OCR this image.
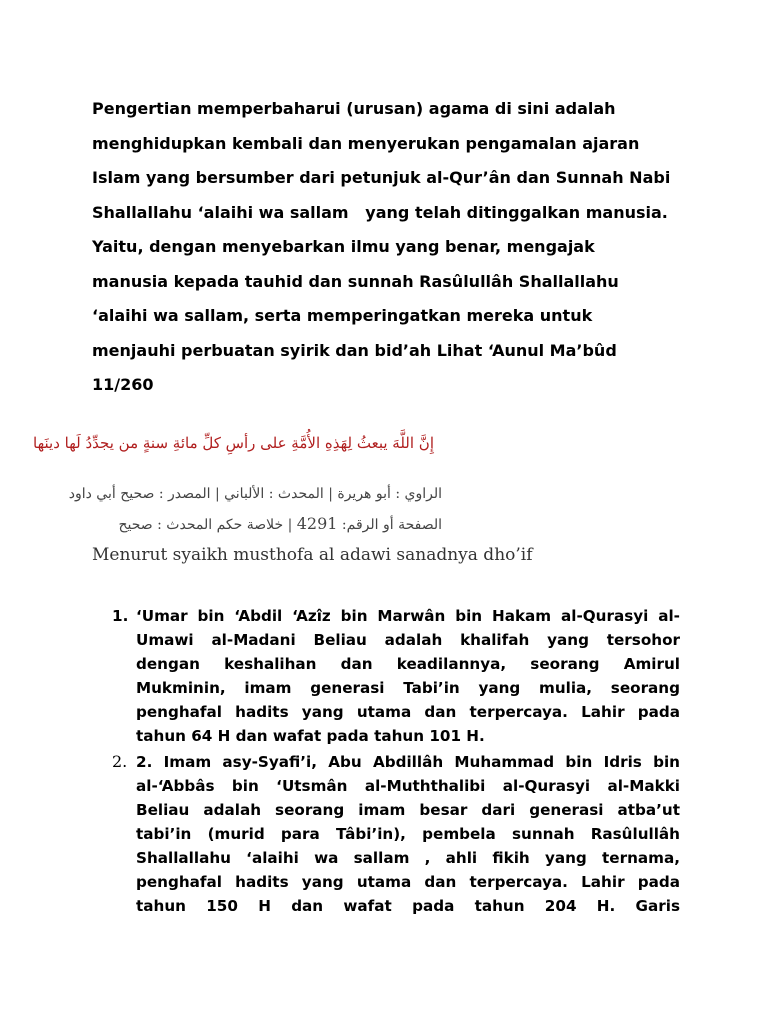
Pengertian memperbaharui (urusan) agama di sini adalah
menghidupkan kembali dan menyerukan pengamalan ajaran
Islam yang bersumber dari petunjuk al-Qur’ân dan Sunnah Nabi
Shallallahu ‘alaihi wa sallam   yang telah ditinggalkan manusia.
Yaitu, dengan menyebarkan ilmu yang benar, mengajak
manusia kepada tauhid dan sunnah Rasûlullâh Shallallahu
‘alaihi wa sallam, serta memperingatkan mereka untuk
menjauhi perbuatan syirik dan bid’ah Lihat ‘Aunul Ma’bûd
11/260
إِنَّ اللَّهَ يبعثُ لِهَذِهِ الأُمَّةِ على رأسِ كلِّ مائةِ سنةٍ من يجدِّدُ لَها دينَها
الراوي : أبو هريرة | المحدث : الألباني | المصدر : صحيح أبي داود
الصفحة أو الرقم: 4291 | خلاصة حكم المحدث : صحيح
Menurut syaikh musthofa al adawi sanadnya dho’if
1. ‘Umar bin ‘Abdil ‘Azîz bin Marwân bin Hakam al-Qurasyi al-
Umawi al-Madani Beliau adalah khalifah yang tersohor
dengan keshalihan dan keadilannya, seorang Amirul
Mukminin, imam generasi Tabi’in yang mulia, seorang
penghafal hadits yang utama dan terpercaya. Lahir pada
tahun 64 H dan wafat pada tahun 101 H.
2. 2. Imam asy-Syafi’i, Abu Abdillâh Muhammad bin Idris bin
al-‘Abbâs bin ‘Utsmân al-Muththalibi al-Qurasyi al-Makki
Beliau adalah seorang imam besar dari generasi atba’ut
tabi’in (murid para Tâbi’in), pembela sunnah Rasûlullâh
Shallallahu ‘alaihi wa sallam , ahli fikih yang ternama,
penghafal hadits yang utama dan terpercaya. Lahir pada
tahun 150 H dan wafat pada tahun 204 H. Garis
